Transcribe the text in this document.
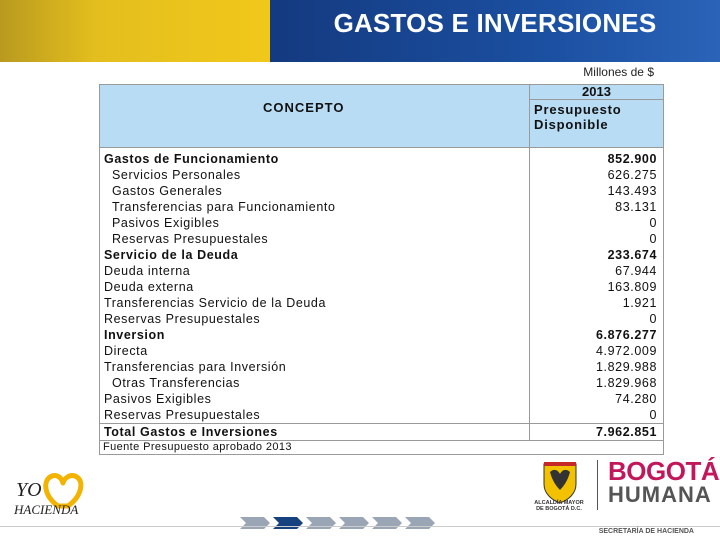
GASTOS E INVERSIONES
Millones de $
CONCEPTO
2013
Presupuesto
Disponible
Gastos de Funcionamiento	852.900
Servicios Personales	626.275
Gastos Generales	143.493
Transferencias para Funcionamiento	83.131
Pasivos Exigibles	0
Reservas Presupuestales	0
Servicio de la Deuda	233.674
Deuda interna	67.944
Deuda externa	163.809
Transferencias Servicio de la Deuda	1.921
Reservas Presupuestales	0
Inversion	6.876.277
Directa	4.972.009
Transferencias para Inversión	1.829.988
Otras Transferencias	1.829.968
Pasivos Exigibles	74.280
Reservas Presupuestales	0
Total Gastos e Inversiones	7.962.851
Fuente Presupuesto aprobado 2013
YO
HACIENDA	ALCALDÍA MAYOR
DE BOGOTÁ D.C.
BOGOTÁ
HUMANA
SECRETARÍA DE HACIENDA
